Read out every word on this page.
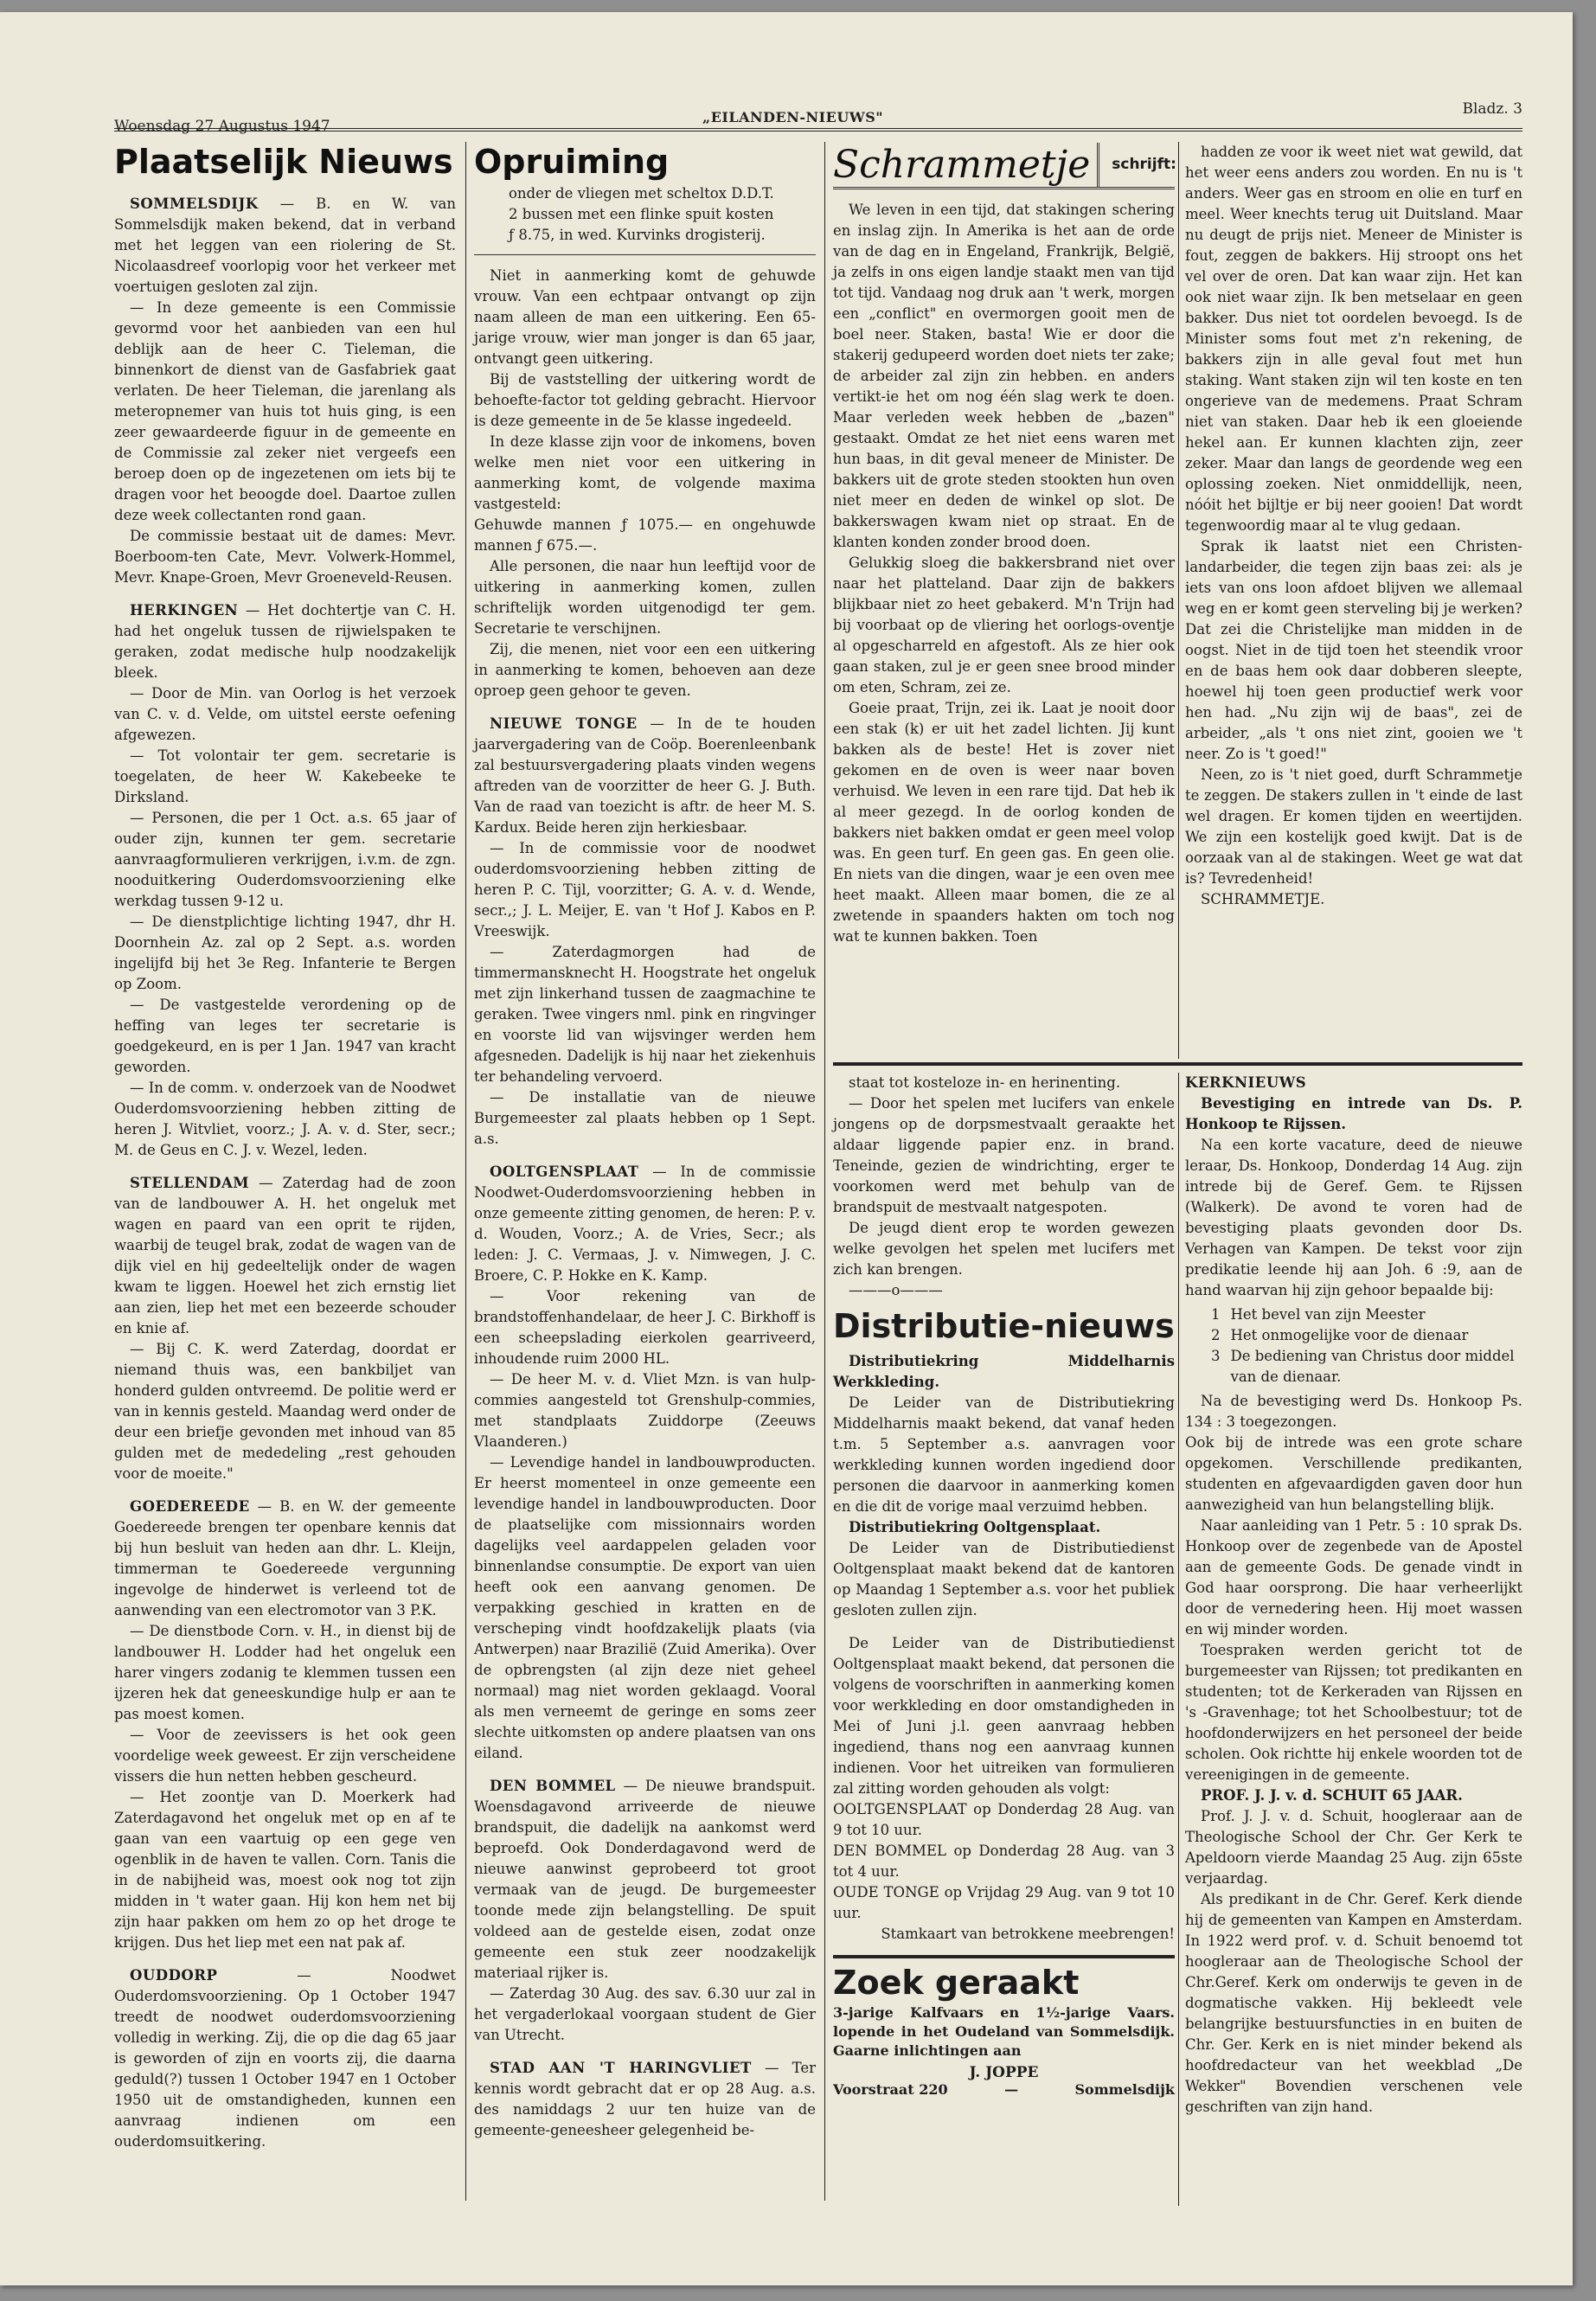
Woensdag 27 Augustus 1947
„EILANDEN-NIEUWS"	Bladz. 3
Plaatselijk Nieuws

SOMMELSDIJK — B. en W. van Sommelsdijk maken bekend, dat in verband met het leggen van een riolering de St. Nicolaasdreef voorlopig voor het verkeer met voertuigen gesloten zal zijn.

— In deze gemeente is een Commissie gevormd voor het aanbieden van een hul deblijk aan de heer C. Tieleman, die binnenkort de dienst van de Gasfabriek gaat verlaten. De heer Tieleman, die jarenlang als meteropnemer van huis tot huis ging, is een zeer gewaardeerde figuur in de gemeente en de Commissie zal zeker niet vergeefs een beroep doen op de ingezetenen om iets bij te dragen voor het beoogde doel. Daartoe zullen deze week collectanten rond gaan.

De commissie bestaat uit de dames: Mevr. Boerboom-ten Cate, Mevr. Volwerk-Hommel, Mevr. Knape-Groen, Mevr Groeneveld-Reusen.

HERKINGEN — Het dochtertje van C. H. had het ongeluk tussen de rijwielspaken te geraken, zodat medische hulp noodzakelijk bleek.

— Door de Min. van Oorlog is het verzoek van C. v. d. Velde, om uitstel eerste oefening afgewezen.

— Tot volontair ter gem. secretarie is toegelaten, de heer W. Kakebeeke te Dirksland.

— Personen, die per 1 Oct. a.s. 65 jaar of ouder zijn, kunnen ter gem. secretarie aanvraagformulieren verkrijgen, i.v.m. de zgn. nooduitkering Ouderdomsvoorziening elke werkdag tussen 9-12 u.

— De dienstplichtige lichting 1947, dhr H. Doornhein Az. zal op 2 Sept. a.s. worden ingelijfd bij het 3e Reg. Infanterie te Bergen op Zoom.

— De vastgestelde verordening op de heffing van leges ter secretarie is goedgekeurd, en is per 1 Jan. 1947 van kracht geworden.

— In de comm. v. onderzoek van de Noodwet Ouderdomsvoorziening hebben zitting de heren J. Witvliet, voorz.; J. A. v. d. Ster, secr.; M. de Geus en C. J. v. Wezel, leden.

STELLENDAM — Zaterdag had de zoon van de landbouwer A. H. het ongeluk met wagen en paard van een oprit te rijden, waarbij de teugel brak, zodat de wagen van de dijk viel en hij gedeeltelijk onder de wagen kwam te liggen. Hoewel het zich ernstig liet aan zien, liep het met een bezeerde schouder en knie af.

— Bij C. K. werd Zaterdag, doordat er niemand thuis was, een bankbiljet van honderd gulden ontvreemd. De politie werd er van in kennis gesteld. Maandag werd onder de deur een briefje gevonden met inhoud van 85 gulden met de mededeling „rest gehouden voor de moeite."

GOEDEREEDE — B. en W. der gemeente Goedereede brengen ter openbare kennis dat bij hun besluit van heden aan dhr. L. Kleijn, timmerman te Goedereede vergunning ingevolge de hinderwet is verleend tot de aanwending van een electromotor van 3 P.K.

— De dienstbode Corn. v. H., in dienst bij de landbouwer H. Lodder had het ongeluk een harer vingers zodanig te klemmen tussen een ijzeren hek dat geneeskundige hulp er aan te pas moest komen.

— Voor de zeevissers is het ook geen voordelige week geweest. Er zijn verscheidene vissers die hun netten hebben gescheurd.

— Het zoontje van D. Moerkerk had Zaterdagavond het ongeluk met op en af te gaan van een vaartuig op een gege ven ogenblik in de haven te vallen. Corn. Tanis die in de nabijheid was, moest ook nog tot zijn midden in 't water gaan. Hij kon hem net bij zijn haar pakken om hem zo op het droge te krijgen. Dus het liep met een nat pak af.

OUDDORP — Noodwet Ouderdomsvoorziening. Op 1 October 1947 treedt de noodwet ouderdomsvoorziening volledig in werking. Zij, die op die dag 65 jaar is geworden of zijn en voorts zij, die daarna geduld(?) tussen 1 October 1947 en 1 October 1950 uit de omstandigheden, kunnen een aanvraag indienen om een ouderdomsuitkering.

Opruiming

onder de vliegen met scheltox D.D.T.

2 bussen met een flinke spuit kosten

ƒ 8.75, in wed. Kurvinks drogisterij.

Niet in aanmerking komt de gehuwde vrouw. Van een echtpaar ontvangt op zijn naam alleen de man een uitkering. Een 65-jarige vrouw, wier man jonger is dan 65 jaar, ontvangt geen uitkering.

Bij de vaststelling der uitkering wordt de behoefte-factor tot gelding gebracht. Hiervoor is deze gemeente in de 5e klasse ingedeeld.

In deze klasse zijn voor de inkomens, boven welke men niet voor een uitkering in aanmerking komt, de volgende maxima vastgesteld:

Gehuwde mannen ƒ 1075.— en ongehuwde mannen ƒ 675.—.

Alle personen, die naar hun leeftijd voor de uitkering in aanmerking komen, zullen schriftelijk worden uitgenodigd ter gem. Secretarie te verschijnen.

Zij, die menen, niet voor een een uitkering in aanmerking te komen, behoeven aan deze oproep geen gehoor te geven.

NIEUWE TONGE — In de te houden jaarvergadering van de Coöp. Boerenleenbank zal bestuursvergadering plaats vinden wegens aftreden van de voorzitter de heer G. J. Buth. Van de raad van toezicht is aftr. de heer M. S. Kardux. Beide heren zijn herkiesbaar.

— In de commissie voor de noodwet ouderdomsvoorziening hebben zitting de heren P. C. Tijl, voorzitter; G. A. v. d. Wende, secr.,; J. L. Meijer, E. van 't Hof J. Kabos en P. Vreeswijk.

— Zaterdagmorgen had de timmermansknecht H. Hoogstrate het ongeluk met zijn linkerhand tussen de zaagmachine te geraken. Twee vingers nml. pink en ringvinger en voorste lid van wijsvinger werden hem afgesneden. Dadelijk is hij naar het ziekenhuis ter behandeling vervoerd.

— De installatie van de nieuwe Burgemeester zal plaats hebben op 1 Sept. a.s.

OOLTGENSPLAAT — In de commissie Noodwet-Ouderdomsvoorziening hebben in onze gemeente zitting genomen, de heren: P. v. d. Wouden, Voorz.; A. de Vries, Secr.; als leden: J. C. Vermaas, J. v. Nimwegen, J. C. Broere, C. P. Hokke en K. Kamp.

— Voor rekening van de brandstoffenhandelaar, de heer J. C. Birkhoff is een scheepslading eierkolen gearriveerd, inhoudende ruim 2000 HL.

— De heer M. v. d. Vliet Mzn. is van hulp-commies aangesteld tot Grenshulp-commies, met standplaats Zuiddorpe (Zeeuws Vlaanderen.)

— Levendige handel in landbouwproducten. Er heerst momenteel in onze gemeente een levendige handel in landbouwproducten. Door de plaatselijke com missionnairs worden dagelijks veel aardappelen geladen voor binnenlandse consumptie. De export van uien heeft ook een aanvang genomen. De verpakking geschied in kratten en de verscheping vindt hoofdzakelijk plaats (via Antwerpen) naar Brazilië (Zuid Amerika). Over de opbrengsten (al zijn deze niet geheel normaal) mag niet worden geklaagd. Vooral als men verneemt de geringe en soms zeer slechte uitkomsten op andere plaatsen van ons eiland.

DEN BOMMEL — De nieuwe brandspuit. Woensdagavond arriveerde de nieuwe brandspuit, die dadelijk na aankomst werd beproefd. Ook Donderdagavond werd de nieuwe aanwinst geprobeerd tot groot vermaak van de jeugd. De burgemeester toonde mede zijn belangstelling. De spuit voldeed aan de gestelde eisen, zodat onze gemeente een stuk zeer noodzakelijk materiaal rijker is.

— Zaterdag 30 Aug. des sav. 6.30 uur zal in het vergaderlokaal voorgaan student de Gier van Utrecht.

STAD AAN 'T HARINGVLIET — Ter kennis wordt gebracht dat er op 28 Aug. a.s. des namiddags 2 uur ten huize van de gemeente-geneesheer gelegenheid be-

Schrammetje	schrijft:

We leven in een tijd, dat stakingen schering en inslag zijn. In Amerika is het aan de orde van de dag en in Engeland, Frankrijk, België, ja zelfs in ons eigen landje staakt men van tijd tot tijd. Vandaag nog druk aan 't werk, morgen een „conflict" en overmorgen gooit men de boel neer. Staken, basta! Wie er door die stakerij gedupeerd worden doet niets ter zake; de arbeider zal zijn zin hebben. en anders vertikt-ie het om nog één slag werk te doen. Maar verleden week hebben de „bazen" gestaakt. Omdat ze het niet eens waren met hun baas, in dit geval meneer de Minister. De bakkers uit de grote steden stookten hun oven niet meer en deden de winkel op slot. De bakkerswagen kwam niet op straat. En de klanten konden zonder brood doen.

Gelukkig sloeg die bakkersbrand niet over naar het platteland. Daar zijn de bakkers blijkbaar niet zo heet gebakerd. M'n Trijn had bij voorbaat op de vliering het oorlogs-oventje al opgescharreld en afgestoft. Als ze hier ook gaan staken, zul je er geen snee brood minder om eten, Schram, zei ze.

Goeie praat, Trijn, zei ik. Laat je nooit door een stak (k) er uit het zadel lichten. Jij kunt bakken als de beste! Het is zover niet gekomen en de oven is weer naar boven verhuisd. We leven in een rare tijd. Dat heb ik al meer gezegd. In de oorlog konden de bakkers niet bakken omdat er geen meel volop was. En geen turf. En geen gas. En geen olie. En niets van die dingen, waar je een oven mee heet maakt. Alleen maar bomen, die ze al zwetende in spaanders hakten om toch nog wat te kunnen bakken. Toen

hadden ze voor ik weet niet wat gewild, dat het weer eens anders zou worden. En nu is 't anders. Weer gas en stroom en olie en turf en meel. Weer knechts terug uit Duitsland. Maar nu deugt de prijs niet. Meneer de Minister is fout, zeggen de bakkers. Hij stroopt ons het vel over de oren. Dat kan waar zijn. Het kan ook niet waar zijn. Ik ben metselaar en geen bakker. Dus niet tot oordelen bevoegd. Is de Minister soms fout met z'n rekening, de bakkers zijn in alle geval fout met hun staking. Want staken zijn wil ten koste en ten ongerieve van de medemens. Praat Schram niet van staken. Daar heb ik een gloeiende hekel aan. Er kunnen klachten zijn, zeer zeker. Maar dan langs de geordende weg een oplossing zoeken. Niet onmiddellijk, neen, nóóit het bijltje er bij neer gooien! Dat wordt tegenwoordig maar al te vlug gedaan.

Sprak ik laatst niet een Christen-landarbeider, die tegen zijn baas zei: als je iets van ons loon afdoet blijven we allemaal weg en er komt geen sterveling bij je werken? Dat zei die Christelijke man midden in de oogst. Niet in de tijd toen het steendik vroor en de baas hem ook daar dobberen sleepte, hoewel hij toen geen productief werk voor hen had. „Nu zijn wij de baas", zei de arbeider, „als 't ons niet zint, gooien we 't neer. Zo is 't goed!"

Neen, zo is 't niet goed, durft Schrammetje te zeggen. De stakers zullen in 't einde de last wel dragen. Er komen tijden en weertijden. We zijn een kostelijk goed kwijt. Dat is de oorzaak van al de stakingen. Weet ge wat dat is? Tevredenheid!

SCHRAMMETJE.

staat tot kosteloze in- en herinenting.

— Door het spelen met lucifers van enkele jongens op de dorpsmestvaalt geraakte het aldaar liggende papier enz. in brand. Teneinde, gezien de windrichting, erger te voorkomen werd met behulp van de brandspuit de mestvaalt natgespoten.

De jeugd dient erop te worden gewezen welke gevolgen het spelen met lucifers met zich kan brengen.

———o———

Distributie-nieuws

Distributiekring Middelharnis Werkkleding.

De Leider van de Distributiekring Middelharnis maakt bekend, dat vanaf heden t.m. 5 September a.s. aanvragen voor werkkleding kunnen worden ingediend door personen die daarvoor in aanmerking komen en die dit de vorige maal verzuimd hebben.

Distributiekring Ooltgensplaat.

De Leider van de Distributiedienst Ooltgensplaat maakt bekend dat de kantoren op Maandag 1 September a.s. voor het publiek gesloten zullen zijn.

De Leider van de Distributiedienst Ooltgensplaat maakt bekend, dat personen die volgens de voorschriften in aanmerking komen voor werkkleding en door omstandigheden in Mei of Juni j.l. geen aanvraag hebben ingediend, thans nog een aanvraag kunnen indienen. Voor het uitreiken van formulieren zal zitting worden gehouden als volgt:

OOLTGENSPLAAT op Donderdag 28 Aug. van 9 tot 10 uur.

DEN BOMMEL op Donderdag 28 Aug. van 3 tot 4 uur.

OUDE TONGE op Vrijdag 29 Aug. van 9 tot 10 uur.

Stamkaart van betrokkene meebrengen!

Zoek geraakt

3-jarige Kalfvaars en 1½-jarige Vaars. lopende in het Oudeland van Sommelsdijk. Gaarne inlichtingen aan

J. JOPPE
Voorstraat 220	—	Sommelsdijk

KERKNIEUWS

Bevestiging en intrede van Ds. P. Honkoop te Rijssen.

Na een korte vacature, deed de nieuwe leraar, Ds. Honkoop, Donderdag 14 Aug. zijn intrede bij de Geref. Gem. te Rijssen (Walkerk). De avond te voren had de bevestiging plaats gevonden door Ds. Verhagen van Kampen. De tekst voor zijn predikatie leende hij aan Joh. 6 :9, aan de hand waarvan hij zijn gehoor bepaalde bij:

1 Het bevel van zijn Meester
2 Het onmogelijke voor de dienaar
3 De bediening van Christus door middel van de dienaar.

Na de bevestiging werd Ds. Honkoop Ps. 134 : 3 toegezongen.

Ook bij de intrede was een grote schare opgekomen. Verschillende predikanten, studenten en afgevaardigden gaven door hun aanwezigheid van hun belangstelling blijk.

Naar aanleiding van 1 Petr. 5 : 10 sprak Ds. Honkoop over de zegenbede van de Apostel aan de gemeente Gods. De genade vindt in God haar oorsprong. Die haar verheerlijkt door de vernedering heen. Hij moet wassen en wij minder worden.

Toespraken werden gericht tot de burgemeester van Rijssen; tot predikanten en studenten; tot de Kerkeraden van Rijssen en 's -Gravenhage; tot het Schoolbestuur; tot de hoofdonderwijzers en het personeel der beide scholen. Ook richtte hij enkele woorden tot de vereenigingen in de gemeente.

PROF. J. J. v. d. SCHUIT 65 JAAR.

Prof. J. J. v. d. Schuit, hoogleraar aan de Theologische School der Chr. Ger Kerk te Apeldoorn vierde Maandag 25 Aug. zijn 65ste verjaardag.

Als predikant in de Chr. Geref. Kerk diende hij de gemeenten van Kampen en Amsterdam. In 1922 werd prof. v. d. Schuit benoemd tot hoogleraar aan de Theologische School der Chr.Geref. Kerk om onderwijs te geven in de dogmatische vakken. Hij bekleedt vele belangrijke bestuursfuncties in en buiten de Chr. Ger. Kerk en is niet minder bekend als hoofdredacteur van het weekblad „De Wekker" Bovendien verschenen vele geschriften van zijn hand.
